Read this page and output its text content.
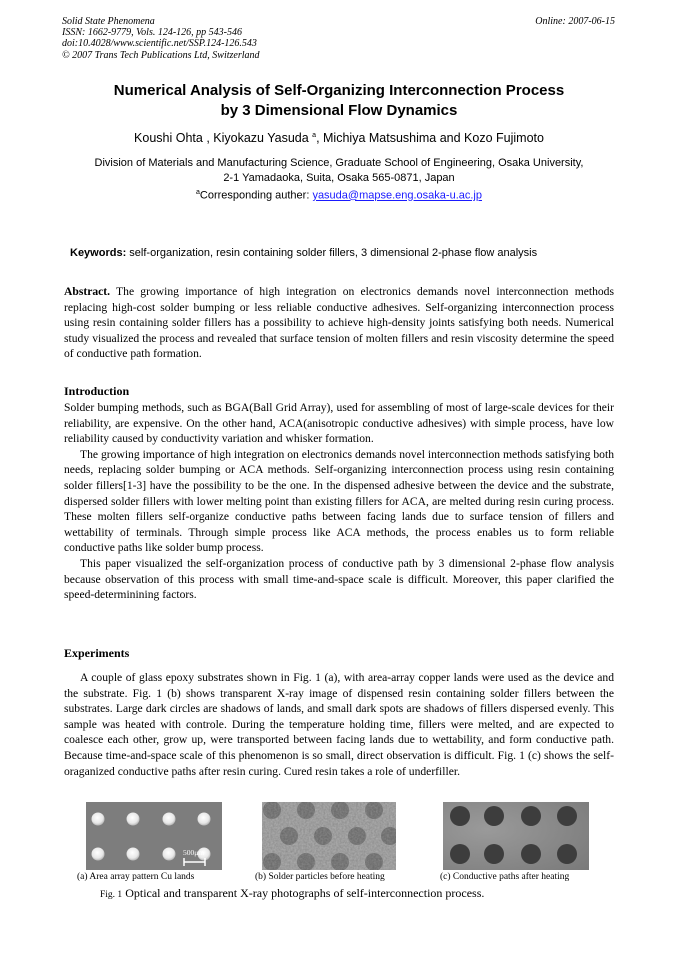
Solid State Phenomena
ISSN: 1662-9779, Vols. 124-126, pp 543-546
doi:10.4028/www.scientific.net/SSP.124-126.543
© 2007 Trans Tech Publications Ltd, Switzerland
Online: 2007-06-15
Numerical Analysis of Self-Organizing Interconnection Process
by 3 Dimensional Flow Dynamics
Koushi Ohta , Kiyokazu Yasuda $^a$, Michiya Matsushima and Kozo Fujimoto
Division of Materials and Manufacturing Science, Graduate School of Engineering, Osaka University,
2-1 Yamadaoka, Suita, Osaka 565-0871, Japan
$^a$Corresponding auther: yasuda@mapse.eng.osaka-u.ac.jp
Keywords: self-organization, resin containing solder fillers, 3 dimensional 2-phase flow analysis

Abstract. The growing importance of high integration on electronics demands novel interconnection methods replacing high-cost solder bumping or less reliable conductive adhesives. Self-organizing interconnection process using resin containing solder fillers has a possibility to achieve high-density joints satisfying both needs. Numerical study visualized the process and revealed that surface tension of molten fillers and resin viscosity determine the speed of conductive path formation.

Introduction

Solder bumping methods, such as BGA(Ball Grid Array), used for assembling of most of large-scale devices for their reliability, are expensive. On the other hand, ACA(anisotropic conductive adhesives) with simple process, have low reliability caused by conductivity variation and whisker formation.

The growing importance of high integration on electronics demands novel interconnection methods satisfying both needs, replacing solder bumping or ACA methods. Self-organizing interconnection process using resin containing solder fillers[1-3] have the possibility to be the one. In the dispensed adhesive between the device and the substrate, dispersed solder fillers with lower melting point than existing fillers for ACA, are melted during resin curing process. These molten fillers self-organize conductive paths between facing lands due to surface tension of fillers and wettability of terminals. Through simple process like ACA methods, the process enables us to form reliable conductive paths like solder bump process.

This paper visualized the self-organization process of conductive path by 3 dimensional 2-phase flow analysis because observation of this process with small time-and-space scale is difficult. Moreover, this paper clarified the speed-determinining factors.

Experiments

A couple of glass epoxy substrates shown in Fig. 1 (a), with area-array copper lands were used as the device and the substrate. Fig. 1 (b) shows transparent X-ray image of dispensed resin containing solder fillers between the substrates. Large dark circles are shadows of lands, and small dark spots are shadows of fillers dispersed evenly. This sample was heated with controle. During the temperature holding time, fillers were melted, and are expected to coalesce each other, grow up, were transported between facing lands due to wettability, and form conductive path. Because time-and-space scale of this phenomenon is so small, direct observation is difficult. Fig. 1 (c) shows the self-oraganized conductive paths after resin curing. Cured resin takes a role of underfiller.

500μm
(a) Area array pattern Cu lands	(b) Solder particles before heating	(c) Conductive paths after heating
Fig. 1 Optical and transparent X-ray photographs of self-interconnection process.
